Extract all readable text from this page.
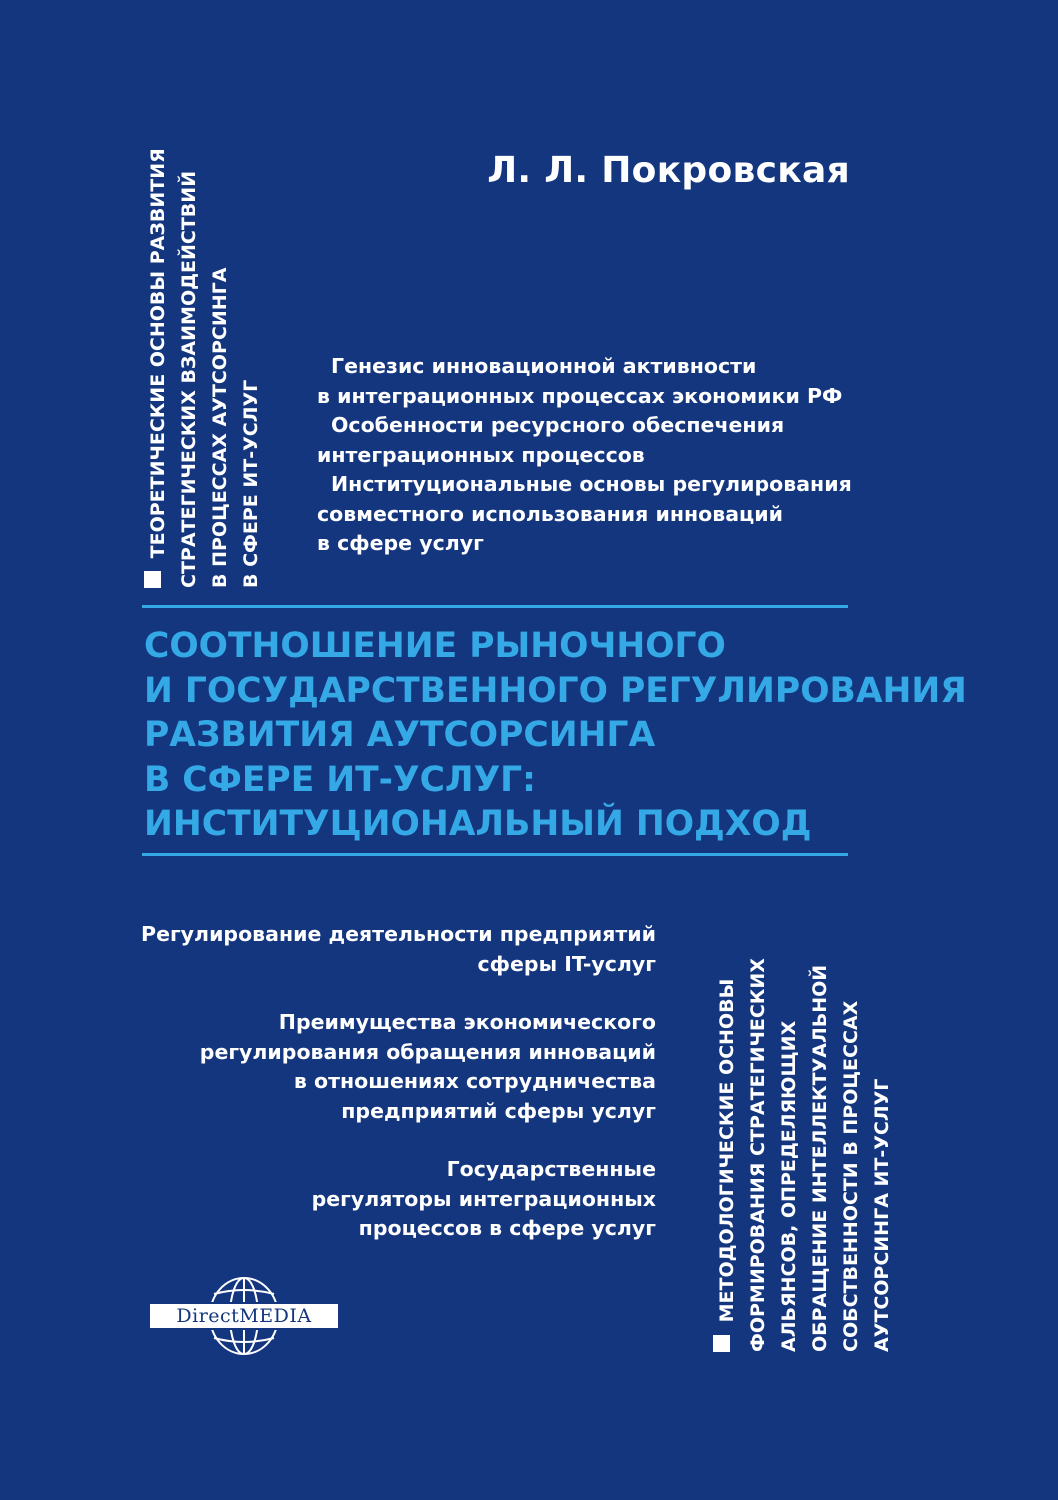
Л. Л. Покровская
ТЕОРЕТИЧЕСКИЕ ОСНОВЫ РАЗВИТИЯ СТРАТЕГИЧЕСКИХ ВЗАИМОДЕЙСТВИЙ В ПРОЦЕССАХ АУТСОРСИНГА В СФЕРЕ ИТ-УСЛУГ
Генезис инновационной активности
в интеграционных процессах экономики РФ
Особенности ресурсного обеспечения
интеграционных процессов
Институциональные основы регулирования
совместного использования инноваций
в сфере услуг
СООТНОШЕНИЕ РЫНОЧНОГО
И ГОСУДАРСТВЕННОГО РЕГУЛИРОВАНИЯ
РАЗВИТИЯ АУТСОРСИНГА
В СФЕРЕ ИТ-УСЛУГ:
ИНСТИТУЦИОНАЛЬНЫЙ ПОДХОД
Регулирование деятельности предприятий
сферы IT-услуг
Преимущества экономического
регулирования обращения инноваций
в отношениях сотрудничества
предприятий сферы услуг
Государственные
регуляторы интеграционных
процессов в сфере услуг	МЕТОДОЛОГИЧЕСКИЕ ОСНОВЫ ФОРМИРОВАНИЯ СТРАТЕГИЧЕСКИХ АЛЬЯНСОВ, ОПРЕДЕЛЯЮЩИХ ОБРАЩЕНИЕ ИНТЕЛЛЕКТУАЛЬНОЙ СОБСТВЕННОСТИ В ПРОЦЕССАХ АУТСОРСИНГА ИТ-УСЛУГ
DirectMEDIA
